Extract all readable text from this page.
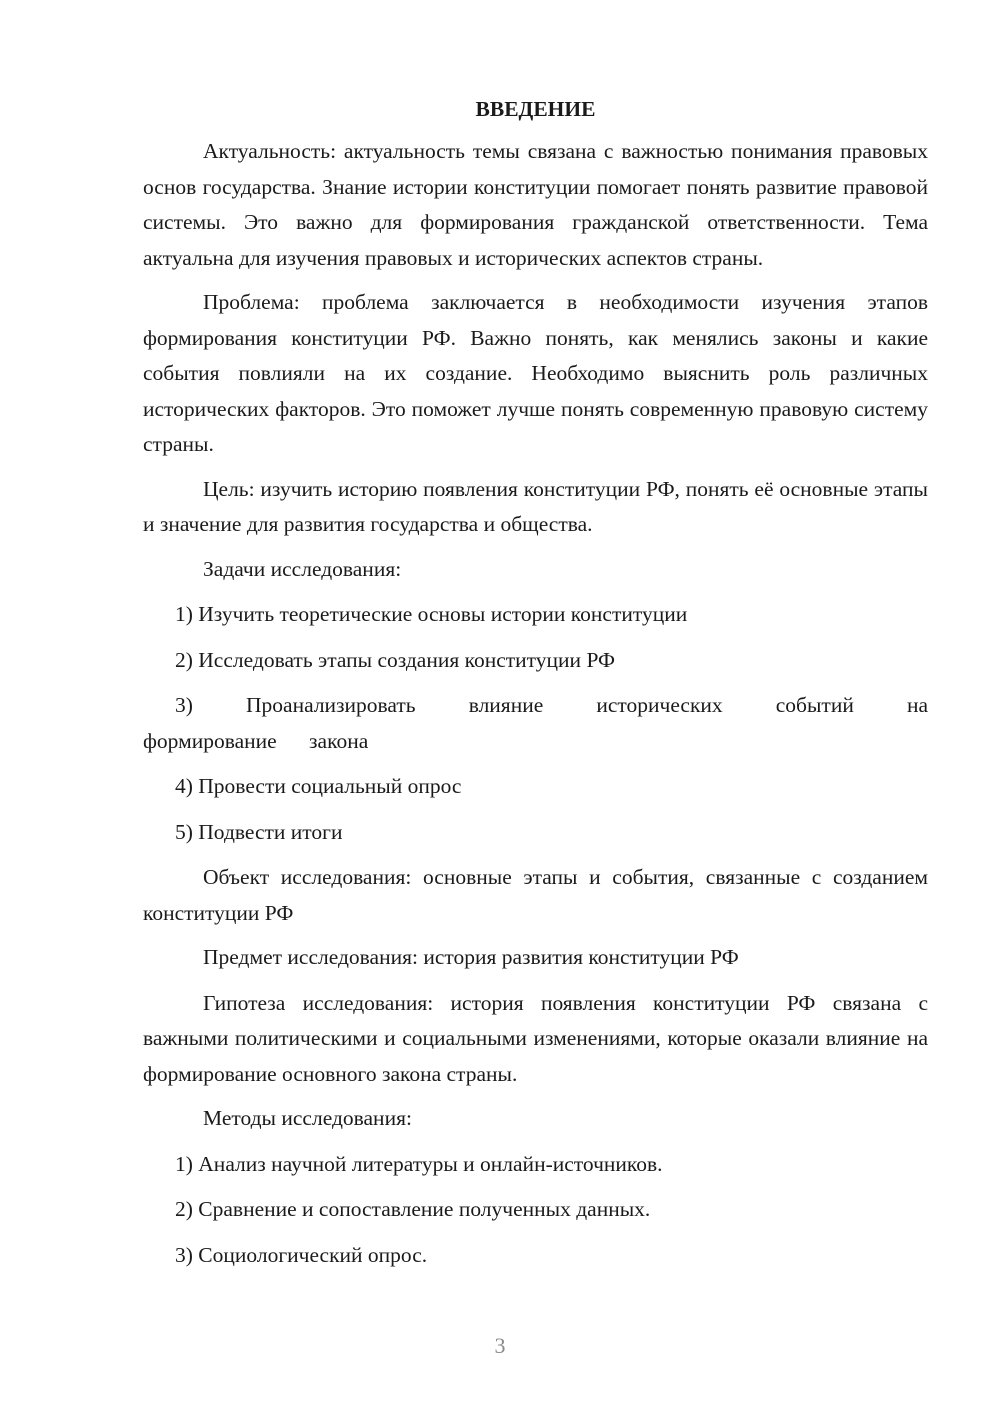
ВВЕДЕНИЕ

Актуальность: актуальность темы связана с важностью понимания правовых основ государства. Знание истории конституции помогает понять развитие правовой системы. Это важно для формирования гражданской ответственности. Тема актуальна для изучения правовых и исторических аспектов страны.

Проблема: проблема заключается в необходимости изучения этапов формирования конституции РФ. Важно понять, как менялись законы и какие события повлияли на их создание. Необходимо выяснить роль различных исторических факторов. Это поможет лучше понять современную правовую систему страны.

Цель: изучить историю появления конституции РФ, понять её основные этапы и значение для развития государства и общества.

Задачи исследования:

1) Изучить теоретические основы истории конституции

2) Исследовать этапы создания конституции РФ

3) Проанализировать влияние исторических событий на формирование закона

4) Провести социальный опрос

5) Подвести итоги

Объект исследования: основные этапы и события, связанные с созданием конституции РФ

Предмет исследования: история развития конституции РФ

Гипотеза исследования: история появления конституции РФ связана с важными политическими и социальными изменениями, которые оказали влияние на формирование основного закона страны.

Методы исследования:

1) Анализ научной литературы и онлайн-источников.

2) Сравнение и сопоставление полученных данных.

3) Социологический опрос.

3
